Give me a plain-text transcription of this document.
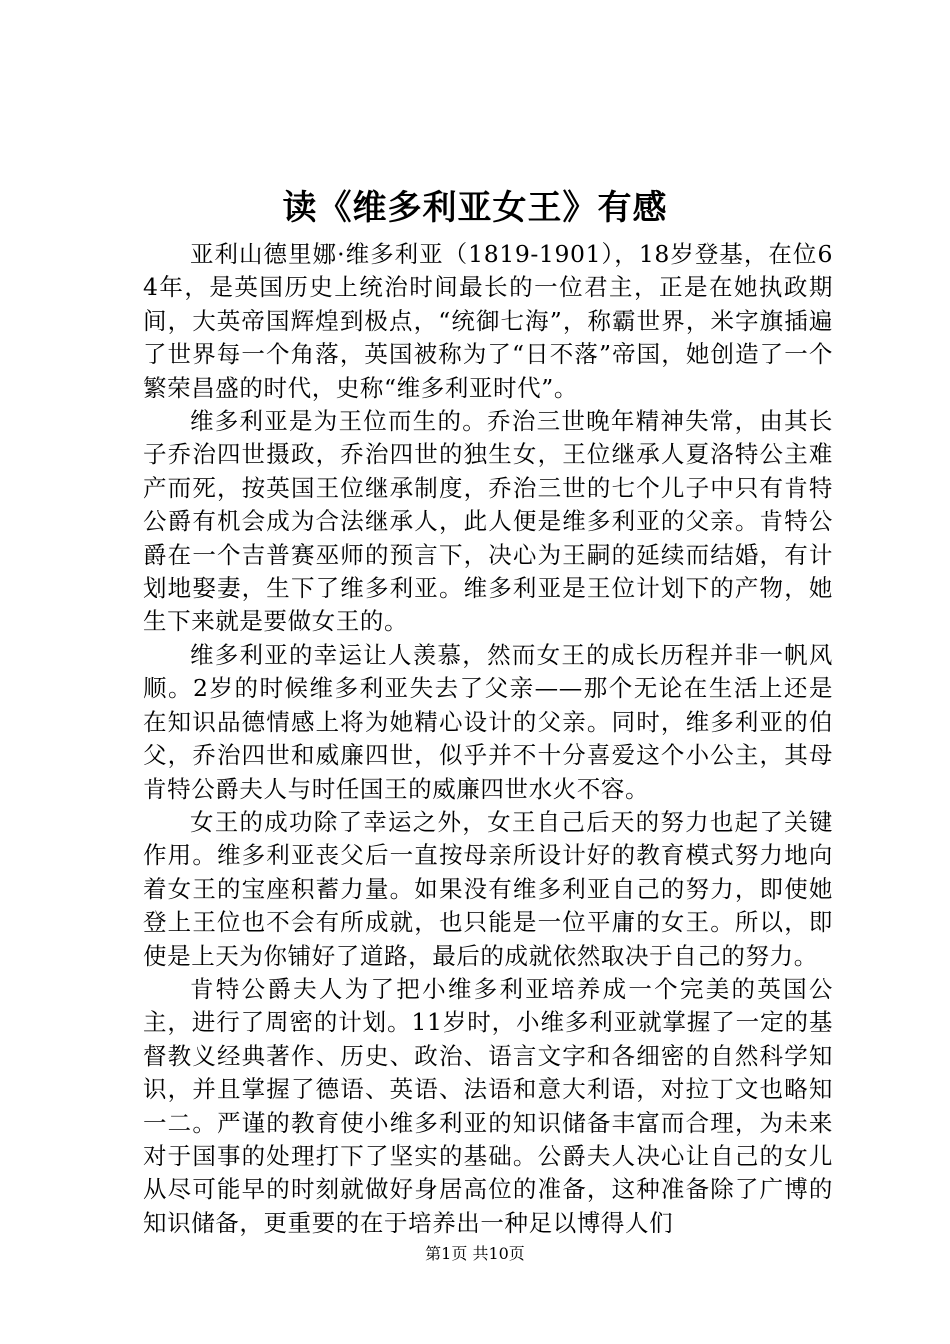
读《维多利亚女王》有感

亚利山德里娜·维多利亚（1819-1901），18岁登基，在位64年，是英国历史上统治时间最长的一位君主，正是在她执政期间，大英帝国辉煌到极点，“统御七海”，称霸世界，米字旗插遍了世界每一个角落，英国被称为了“日不落”帝国，她创造了一个繁荣昌盛的时代，史称“维多利亚时代”。

维多利亚是为王位而生的。乔治三世晚年精神失常，由其长子乔治四世摄政，乔治四世的独生女，王位继承人夏洛特公主难产而死，按英国王位继承制度，乔治三世的七个儿子中只有肯特公爵有机会成为合法继承人，此人便是维多利亚的父亲。肯特公爵在一个吉普赛巫师的预言下，决心为王嗣的延续而结婚，有计划地娶妻，生下了维多利亚。维多利亚是王位计划下的产物，她生下来就是要做女王的。

维多利亚的幸运让人羡慕，然而女王的成长历程并非一帆风顺。2岁的时候维多利亚失去了父亲——那个无论在生活上还是在知识品德情感上将为她精心设计的父亲。同时，维多利亚的伯父，乔治四世和威廉四世，似乎并不十分喜爱这个小公主，其母肯特公爵夫人与时任国王的威廉四世水火不容。

女王的成功除了幸运之外，女王自己后天的努力也起了关键作用。维多利亚丧父后一直按母亲所设计好的教育模式努力地向着女王的宝座积蓄力量。如果没有维多利亚自己的努力，即使她登上王位也不会有所成就，也只能是一位平庸的女王。所以，即使是上天为你铺好了道路，最后的成就依然取决于自己的努力。

肯特公爵夫人为了把小维多利亚培养成一个完美的英国公主，进行了周密的计划。11岁时，小维多利亚就掌握了一定的基督教义经典著作、历史、政治、语言文字和各细密的自然科学知识，并且掌握了德语、英语、法语和意大利语，对拉丁文也略知一二。严谨的教育使小维多利亚的知识储备丰富而合理，为未来对于国事的处理打下了坚实的基础。公爵夫人决心让自己的女儿从尽可能早的时刻就做好身居高位的准备，这种准备除了广博的知识储备，更重要的在于培养出一种足以博得人们

第1页 共10页
